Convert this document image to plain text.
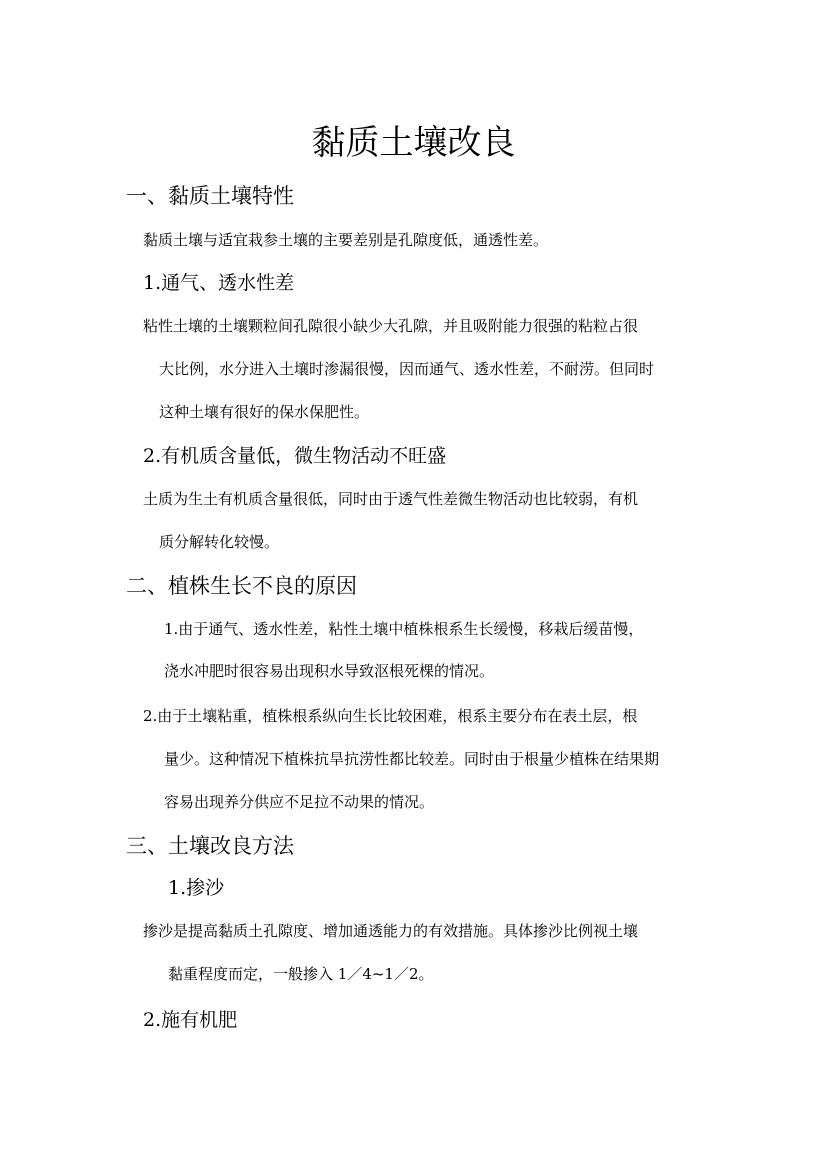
黏质土壤改良
一、黏质土壤特性
黏质土壤与适宜栽参土壤的主要差别是孔隙度低，通透性差。
1.通气、透水性差
粘性土壤的土壤颗粒间孔隙很小缺少大孔隙，并且吸附能力很强的粘粒占很
大比例，水分进入土壤时渗漏很慢，因而通气、透水性差，不耐涝。但同时
这种土壤有很好的保水保肥性。
2.有机质含量低，微生物活动不旺盛
土质为生土有机质含量很低，同时由于透气性差微生物活动也比较弱，有机
质分解转化较慢。
二、植株生长不良的原因
1.由于通气、透水性差，粘性土壤中植株根系生长缓慢，移栽后缓苗慢，
浇水冲肥时很容易出现积水导致沤根死棵的情况。
2.由于土壤粘重，植株根系纵向生长比较困难，根系主要分布在表土层，根
量少。这种情况下植株抗旱抗涝性都比较差。同时由于根量少植株在结果期
容易出现养分供应不足拉不动果的情况。
三、土壤改良方法
1.掺沙
掺沙是提高黏质土孔隙度、增加通透能力的有效措施。具体掺沙比例视土壤
黏重程度而定，一般掺入 1／4~1／2。
2.施有机肥
